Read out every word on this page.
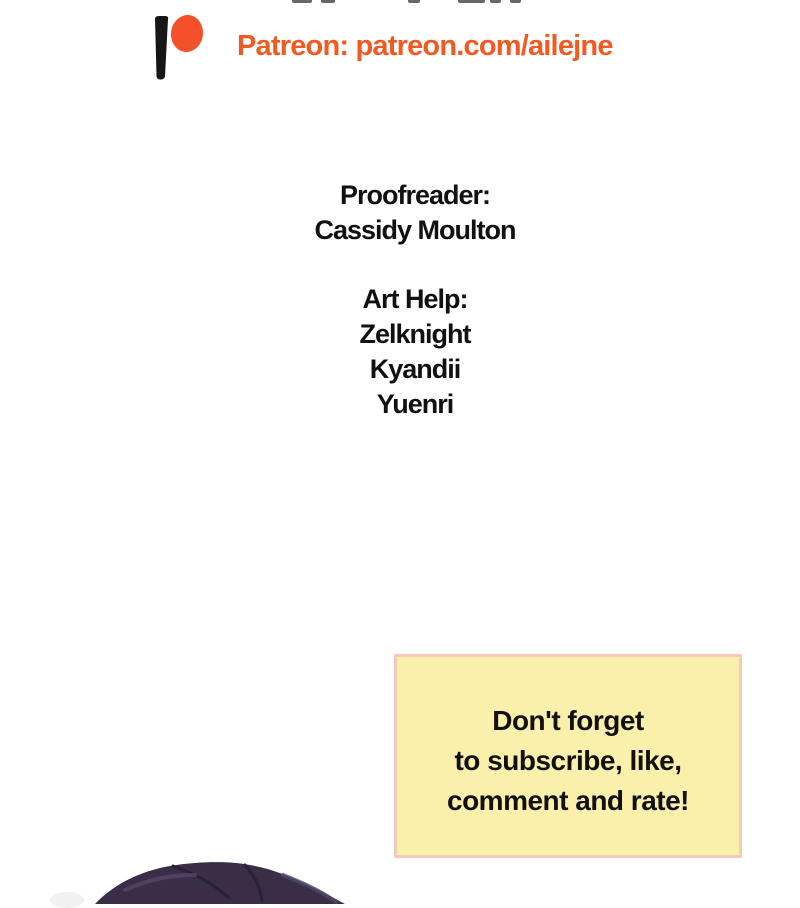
Patreon: patreon.com/ailejne
Proofreader:
Cassidy Moulton
Art Help:
Zelknight
Kyandii
Yuenri
Don't forget
to subscribe, like,
comment and rate!
